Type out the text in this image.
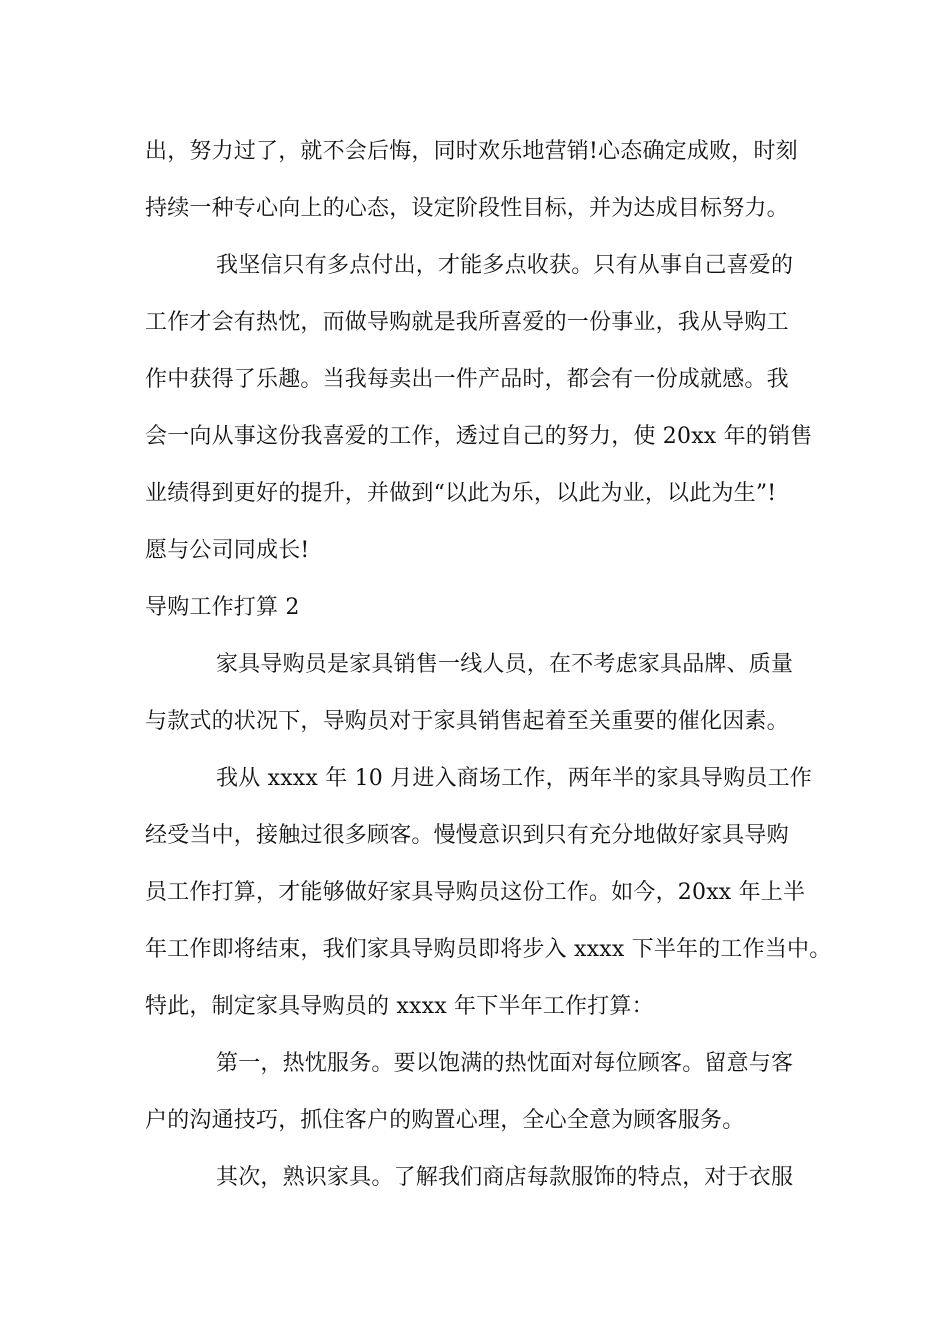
出，努力过了，就不会后悔，同时欢乐地营销!心态确定成败，时刻
持续一种专心向上的心态，设定阶段性目标，并为达成目标努力。
我坚信只有多点付出，才能多点收获。只有从事自己喜爱的
工作才会有热忱，而做导购就是我所喜爱的一份事业，我从导购工
作中获得了乐趣。当我每卖出一件产品时，都会有一份成就感。我
会一向从事这份我喜爱的工作，透过自己的努力，使 20xx 年的销售
业绩得到更好的提升，并做到“以此为乐，以此为业，以此为生”!
愿与公司同成长!
导购工作打算 2
家具导购员是家具销售一线人员，在不考虑家具品牌、质量
与款式的状况下，导购员对于家具销售起着至关重要的催化因素。
我从 xxxx 年 10 月进入商场工作，两年半的家具导购员工作
经受当中，接触过很多顾客。慢慢意识到只有充分地做好家具导购
员工作打算，才能够做好家具导购员这份工作。如今，20xx 年上半
年工作即将结束，我们家具导购员即将步入 xxxx 下半年的工作当中。
特此，制定家具导购员的 xxxx 年下半年工作打算：
第一，热忱服务。要以饱满的热忱面对每位顾客。留意与客
户的沟通技巧，抓住客户的购置心理，全心全意为顾客服务。
其次，熟识家具。了解我们商店每款服饰的特点，对于衣服
